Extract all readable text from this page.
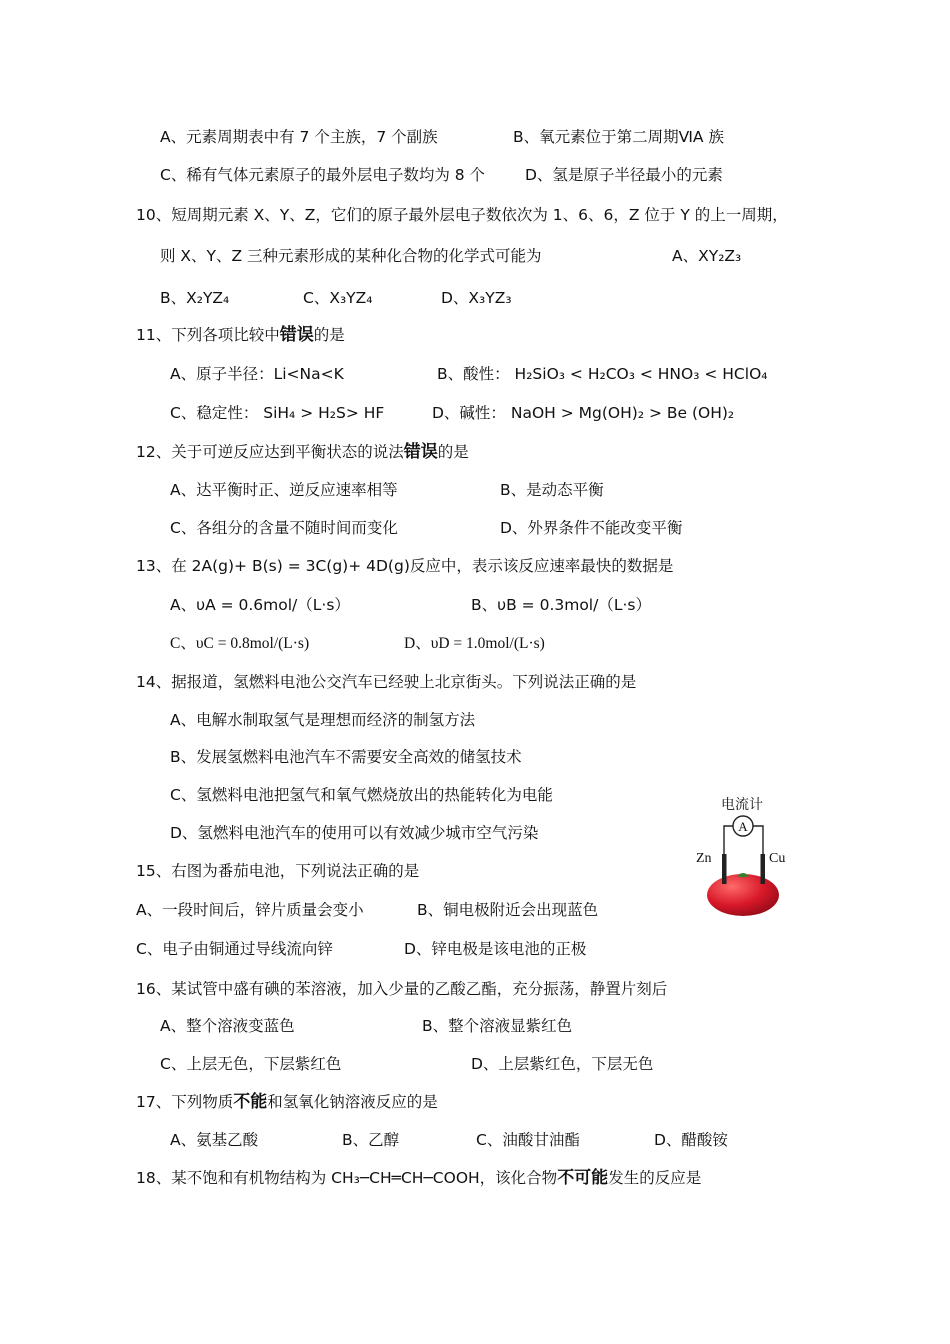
A、元素周期表中有 7 个主族，7 个副族	B、氧元素位于第二周期ⅥA 族
C、稀有气体元素原子的最外层电子数均为 8 个	D、氢是原子半径最小的元素
10、短周期元素 X、Y、Z，它们的原子最外层电子数依次为 1、6、6，Z 位于 Y 的上一周期，
则 X、Y、Z 三种元素形成的某种化合物的化学式可能为	A、XY₂Z₃
B、X₂YZ₄	C、X₃YZ₄	D、X₃YZ₃
11、下列各项比较中错误的是
A、原子半径：Li<Na<K	B、酸性： H₂SiO₃ < H₂CO₃ < HNO₃ < HClO₄
C、稳定性： SiH₄ > H₂S> HF	D、碱性： NaOH > Mg(OH)₂ > Be (OH)₂
12、关于可逆反应达到平衡状态的说法错误的是
A、达平衡时正、逆反应速率相等	B、是动态平衡
C、各组分的含量不随时间而变化	D、外界条件不能改变平衡
13、在 2A(g)+ B(s) = 3C(g)+ 4D(g)反应中，表示该反应速率最快的数据是
A、υA = 0.6mol/（L·s）	B、υB = 0.3mol/（L·s）
C、υC = 0.8mol/(L·s)	D、υD = 1.0mol/(L·s)
14、据报道，氢燃料电池公交汽车已经驶上北京街头。下列说法正确的是
A、电解水制取氢气是理想而经济的制氢方法
B、发展氢燃料电池汽车不需要安全高效的储氢技术
C、氢燃料电池把氢气和氧气燃烧放出的热能转化为电能
D、氢燃料电池汽车的使用可以有效减少城市空气污染
电流计
A
Zn	Cu
15、右图为番茄电池，下列说法正确的是
A、一段时间后，锌片质量会变小	B、铜电极附近会出现蓝色
C、电子由铜通过导线流向锌	D、锌电极是该电池的正极
16、某试管中盛有碘的苯溶液，加入少量的乙酸乙酯，充分振荡，静置片刻后
A、整个溶液变蓝色	B、整个溶液显紫红色
C、上层无色，下层紫红色	D、上层紫红色，下层无色
17、下列物质不能和氢氧化钠溶液反应的是
A、氨基乙酸	B、乙醇	C、油酸甘油酯	D、醋酸铵
18、某不饱和有机物结构为 CH₃─CH═CH─COOH，该化合物不可能发生的反应是
